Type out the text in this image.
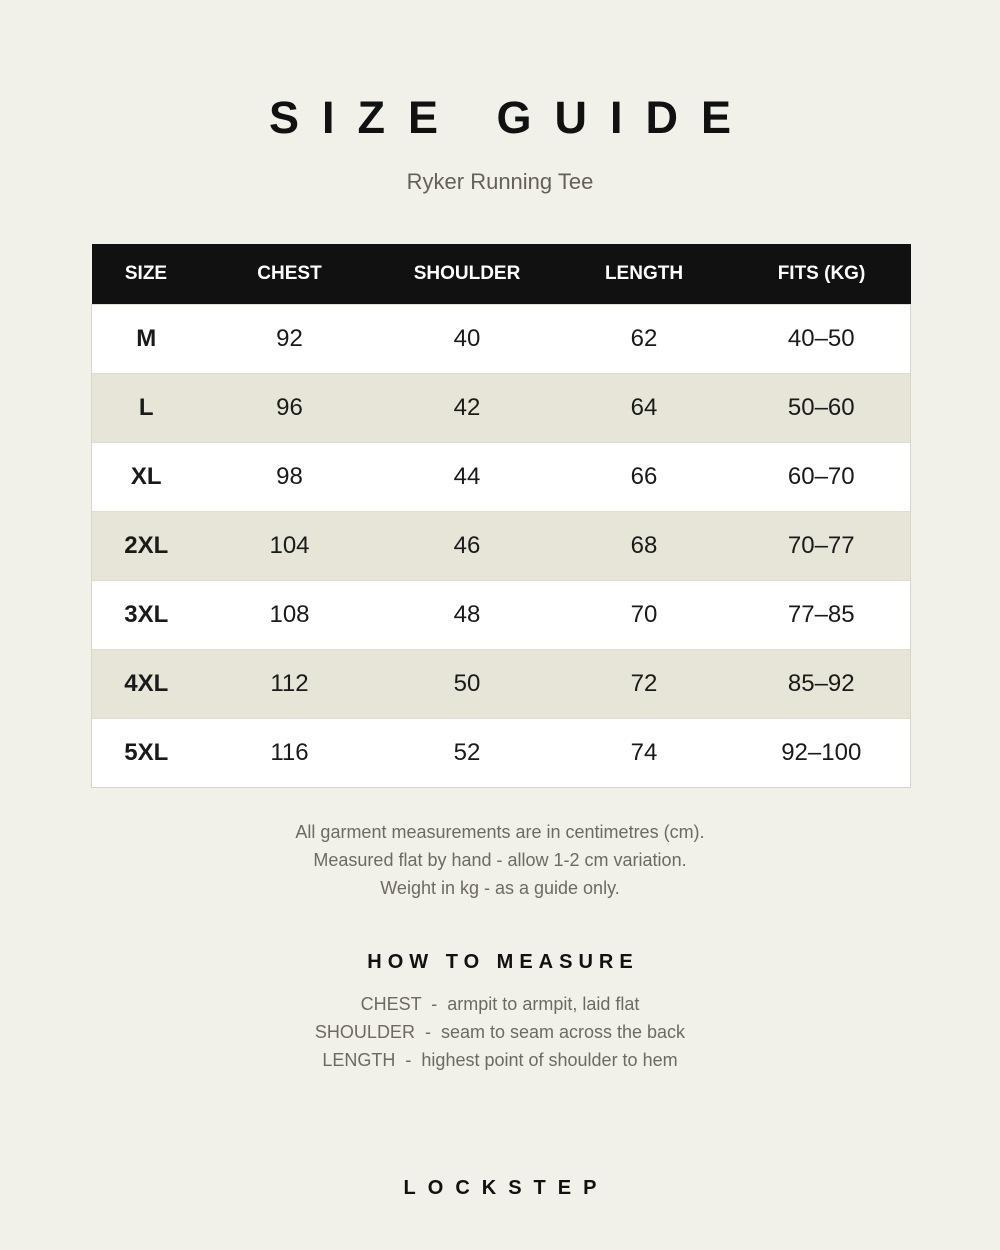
SIZE GUIDE
Ryker Running Tee
SIZE	CHEST	SHOULDER	LENGTH	FITS (KG)
M	92	40	62	40–50
L	96	42	64	50–60
XL	98	44	66	60–70
2XL	104	46	68	70–77
3XL	108	48	70	77–85
4XL	112	50	72	85–92
5XL	116	52	74	92–100
All garment measurements are in centimetres (cm).
Measured flat by hand - allow 1-2 cm variation.
Weight in kg - as a guide only.
HOW TO MEASURE
CHEST  -  armpit to armpit, laid flat
SHOULDER  -  seam to seam across the back
LENGTH  -  highest point of shoulder to hem
LOCKSTEP
